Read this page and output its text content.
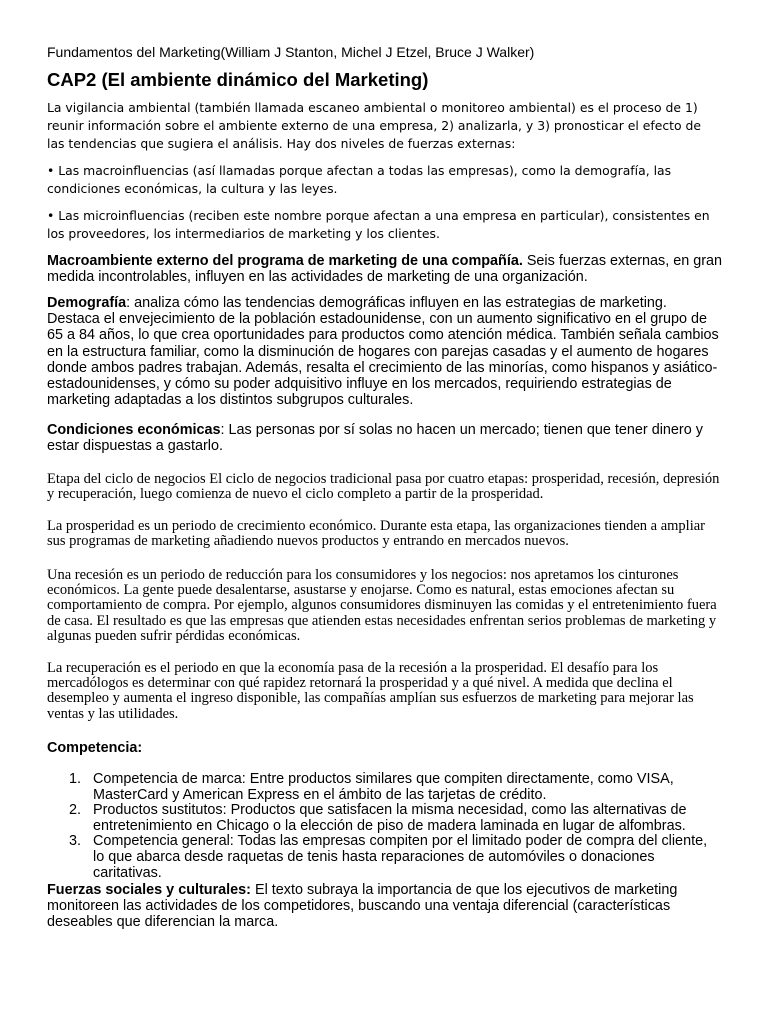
Fundamentos del Marketing(William J Stanton, Michel J Etzel, Bruce J Walker)
CAP2 (El ambiente dinámico del Marketing)

La vigilancia ambiental (también llamada escaneo ambiental o monitoreo ambiental) es el proceso de 1) reunir información sobre el ambiente externo de una empresa, 2) analizarla, y 3) pronosticar el efecto de las tendencias que sugiera el análisis. Hay dos niveles de fuerzas externas:

• Las macroinfluencias (así llamadas porque afectan a todas las empresas), como la demografía, las condiciones económicas, la cultura y las leyes.

• Las microinfluencias (reciben este nombre porque afectan a una empresa en particular), consistentes en los proveedores, los intermediarios de marketing y los clientes.

Macroambiente externo del programa de marketing de una compañía. Seis fuerzas externas, en gran medida incontrolables, influyen en las actividades de marketing de una organización.

Demografía: analiza cómo las tendencias demográficas influyen en las estrategias de marketing. Destaca el envejecimiento de la población estadounidense, con un aumento significativo en el grupo de 65 a 84 años, lo que crea oportunidades para productos como atención médica. También señala cambios en la estructura familiar, como la disminución de hogares con parejas casadas y el aumento de hogares donde ambos padres trabajan. Además, resalta el crecimiento de las minorías, como hispanos y asiático-estadounidenses, y cómo su poder adquisitivo influye en los mercados, requiriendo estrategias de marketing adaptadas a los distintos subgrupos culturales.

Condiciones económicas: Las personas por sí solas no hacen un mercado; tienen que tener dinero y estar dispuestas a gastarlo.

Etapa del ciclo de negocios El ciclo de negocios tradicional pasa por cuatro etapas: prosperidad, recesión, depresión y recuperación, luego comienza de nuevo el ciclo completo a partir de la prosperidad.

La prosperidad es un periodo de crecimiento económico. Durante esta etapa, las organizaciones tienden a ampliar sus programas de marketing añadiendo nuevos productos y entrando en mercados nuevos.

Una recesión es un periodo de reducción para los consumidores y los negocios: nos apretamos los cinturones económicos. La gente puede desalentarse, asustarse y enojarse. Como es natural, estas emociones afectan su comportamiento de compra. Por ejemplo, algunos consumidores disminuyen las comidas y el entretenimiento fuera de casa. El resultado es que las empresas que atienden estas necesidades enfrentan serios problemas de marketing y algunas pueden sufrir pérdidas económicas.

La recuperación es el periodo en que la economía pasa de la recesión a la prosperidad. El desafío para los mercadólogos es determinar con qué rapidez retornará la prosperidad y a qué nivel. A medida que declina el desempleo y aumenta el ingreso disponible, las compañías amplían sus esfuerzos de marketing para mejorar las ventas y las utilidades.

Competencia:

1. Competencia de marca: Entre productos similares que compiten directamente, como VISA, MasterCard y American Express en el ámbito de las tarjetas de crédito.
2. Productos sustitutos: Productos que satisfacen la misma necesidad, como las alternativas de entretenimiento en Chicago o la elección de piso de madera laminada en lugar de alfombras.
3. Competencia general: Todas las empresas compiten por el limitado poder de compra del cliente, lo que abarca desde raquetas de tenis hasta reparaciones de automóviles o donaciones caritativas.

Fuerzas sociales y culturales: El texto subraya la importancia de que los ejecutivos de marketing monitoreen las actividades de los competidores, buscando una ventaja diferencial (características deseables que diferencian la marca.
